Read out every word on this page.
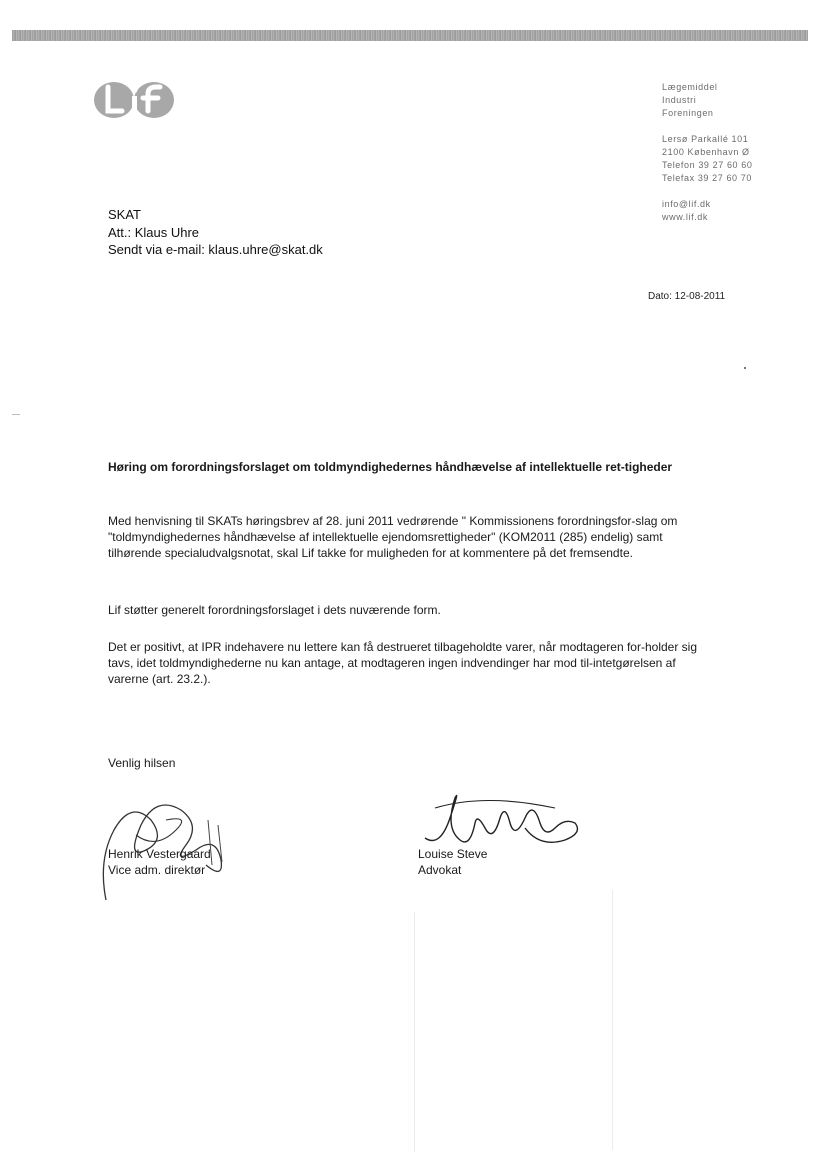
Lægemiddel
Industri
Foreningen
Lersø Parkallé 101
2100 København Ø
Telefon 39 27 60 60
Telefax 39 27 60 70
info@lif.dk
www.lif.dk
SKAT
Att.: Klaus Uhre
Sendt via e-mail: klaus.uhre@skat.dk
Dato: 12-08-2011
Høring om forordningsforslaget om toldmyndighedernes håndhævelse af intellektuelle ret-tigheder
Med henvisning til SKATs høringsbrev af 28. juni 2011 vedrørende " Kommissionens forordningsfor-slag om "toldmyndighedernes håndhævelse af intellektuelle ejendomsrettigheder" (KOM2011 (285) endelig) samt tilhørende specialudvalgsnotat, skal Lif takke for muligheden for at kommentere på det fremsendte.
Lif støtter generelt forordningsforslaget i dets nuværende form.
Det er positivt, at IPR indehavere nu lettere kan få destrueret tilbageholdte varer, når modtageren for-holder sig tavs, idet toldmyndighederne nu kan antage, at modtageren ingen indvendinger har mod til-intetgørelsen af varerne (art. 23.2.).
Venlig hilsen
Henrik Vestergaard
Vice adm. direktør
Louise Steve
Advokat
